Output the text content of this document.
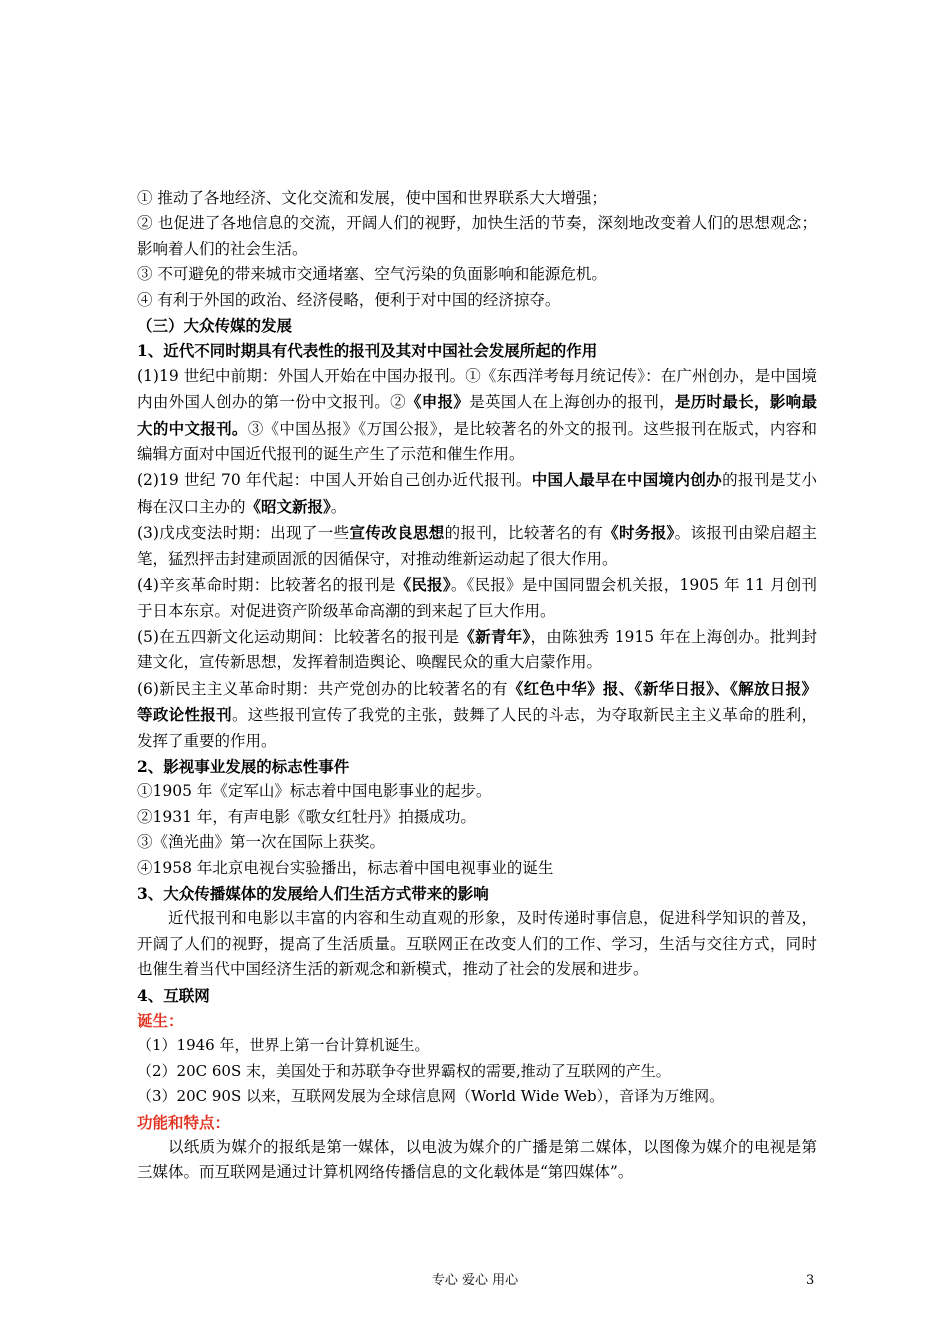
① 推动了各地经济、文化交流和发展，使中国和世界联系大大增强；

② 也促进了各地信息的交流，开阔人们的视野，加快生活的节奏，深刻地改变着人们的思想观念；影响着人们的社会生活。

③ 不可避免的带来城市交通堵塞、空气污染的负面影响和能源危机。

④ 有利于外国的政治、经济侵略，便利于对中国的经济掠夺。

（三）大众传媒的发展

1、近代不同时期具有代表性的报刊及其对中国社会发展所起的作用

(1)19 世纪中前期：外国人开始在中国办报刊。①《东西洋考每月统记传》：在广州创办，是中国境内由外国人创办的第一份中文报刊。②《申报》是英国人在上海创办的报刊，是历时最长，影响最大的中文报刊。③《中国丛报》《万国公报》，是比较著名的外文的报刊。这些报刊在版式，内容和编辑方面对中国近代报刊的诞生产生了示范和催生作用。

(2)19 世纪 70 年代起：中国人开始自己创办近代报刊。中国人最早在中国境内创办的报刊是艾小梅在汉口主办的《昭文新报》。

(3)戊戌变法时期：出现了一些宣传改良思想的报刊，比较著名的有《时务报》。该报刊由梁启超主笔，猛烈抨击封建顽固派的因循保守，对推动维新运动起了很大作用。

(4)辛亥革命时期：比较著名的报刊是《民报》。《民报》是中国同盟会机关报，1905 年 11 月创刊于日本东京。对促进资产阶级革命高潮的到来起了巨大作用。

(5)在五四新文化运动期间：比较著名的报刊是《新青年》，由陈独秀 1915 年在上海创办。批判封建文化，宣传新思想，发挥着制造舆论、唤醒民众的重大启蒙作用。

(6)新民主主义革命时期：共产党创办的比较著名的有《红色中华》报、《新华日报》、《解放日报》等政论性报刊。这些报刊宣传了我党的主张，鼓舞了人民的斗志，为夺取新民主主义革命的胜利，发挥了重要的作用。

2、影视事业发展的标志性事件

①1905 年《定军山》标志着中国电影事业的起步。

②1931 年，有声电影《歌女红牡丹》拍摄成功。

③《渔光曲》第一次在国际上获奖。

④1958 年北京电视台实验播出，标志着中国电视事业的诞生

3、大众传播媒体的发展给人们生活方式带来的影响

近代报刊和电影以丰富的内容和生动直观的形象，及时传递时事信息，促进科学知识的普及，开阔了人们的视野，提高了生活质量。互联网正在改变人们的工作、学习，生活与交往方式，同时也催生着当代中国经济生活的新观念和新模式，推动了社会的发展和进步。

4、互联网

诞生：

（1）1946 年，世界上第一台计算机诞生。

（2）20C 60S 末，美国处于和苏联争夺世界霸权的需要,推动了互联网的产生。

（3）20C 90S 以来，互联网发展为全球信息网（World Wide Web），音译为万维网。

功能和特点：

以纸质为媒介的报纸是第一媒体，以电波为媒介的广播是第二媒体，以图像为媒介的电视是第三媒体。而互联网是通过计算机网络传播信息的文化载体是“第四媒体”。

专心 爱心 用心	3
